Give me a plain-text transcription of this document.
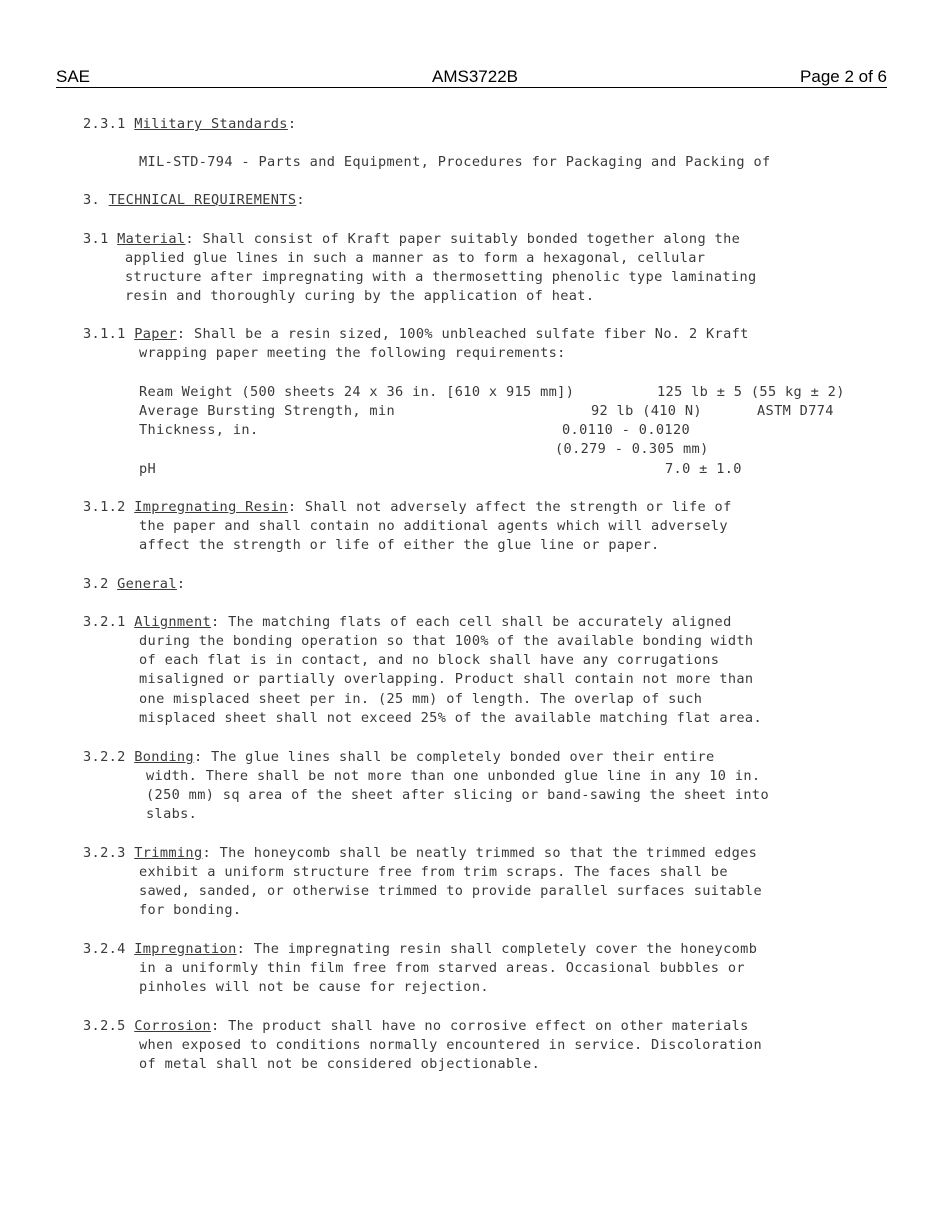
SAE	AMS3722B	Page 2 of 6
2.3.1 Military Standards:
MIL-STD-794 - Parts and Equipment, Procedures for Packaging and Packing of
3. TECHNICAL REQUIREMENTS:
3.1 Material: Shall consist of Kraft paper suitably bonded together along the
applied glue lines in such a manner as to form a hexagonal, cellular
structure after impregnating with a thermosetting phenolic type laminating
resin and thoroughly curing by the application of heat.
3.1.1 Paper: Shall be a resin sized, 100% unbleached sulfate fiber No. 2 Kraft
wrapping paper meeting the following requirements:
Ream Weight (500 sheets 24 x 36 in. [610 x 915 mm])	125 lb ± 5 (55 kg ± 2)
Average Bursting Strength, min	92 lb (410 N)	ASTM D774
Thickness, in.	0.0110 - 0.0120
(0.279 - 0.305 mm)
pH	7.0 ± 1.0
3.1.2 Impregnating Resin: Shall not adversely affect the strength or life of
the paper and shall contain no additional agents which will adversely
affect the strength or life of either the glue line or paper.
3.2 General:
3.2.1 Alignment: The matching flats of each cell shall be accurately aligned
during the bonding operation so that 100% of the available bonding width
of each flat is in contact, and no block shall have any corrugations
misaligned or partially overlapping. Product shall contain not more than
one misplaced sheet per in. (25 mm) of length. The overlap of such
misplaced sheet shall not exceed 25% of the available matching flat area.
3.2.2 Bonding: The glue lines shall be completely bonded over their entire
width. There shall be not more than one unbonded glue line in any 10 in.
(250 mm) sq area of the sheet after slicing or band-sawing the sheet into
slabs.
3.2.3 Trimming: The honeycomb shall be neatly trimmed so that the trimmed edges
exhibit a uniform structure free from trim scraps. The faces shall be
sawed, sanded, or otherwise trimmed to provide parallel surfaces suitable
for bonding.
3.2.4 Impregnation: The impregnating resin shall completely cover the honeycomb
in a uniformly thin film free from starved areas. Occasional bubbles or
pinholes will not be cause for rejection.
3.2.5 Corrosion: The product shall have no corrosive effect on other materials
when exposed to conditions normally encountered in service. Discoloration
of metal shall not be considered objectionable.
